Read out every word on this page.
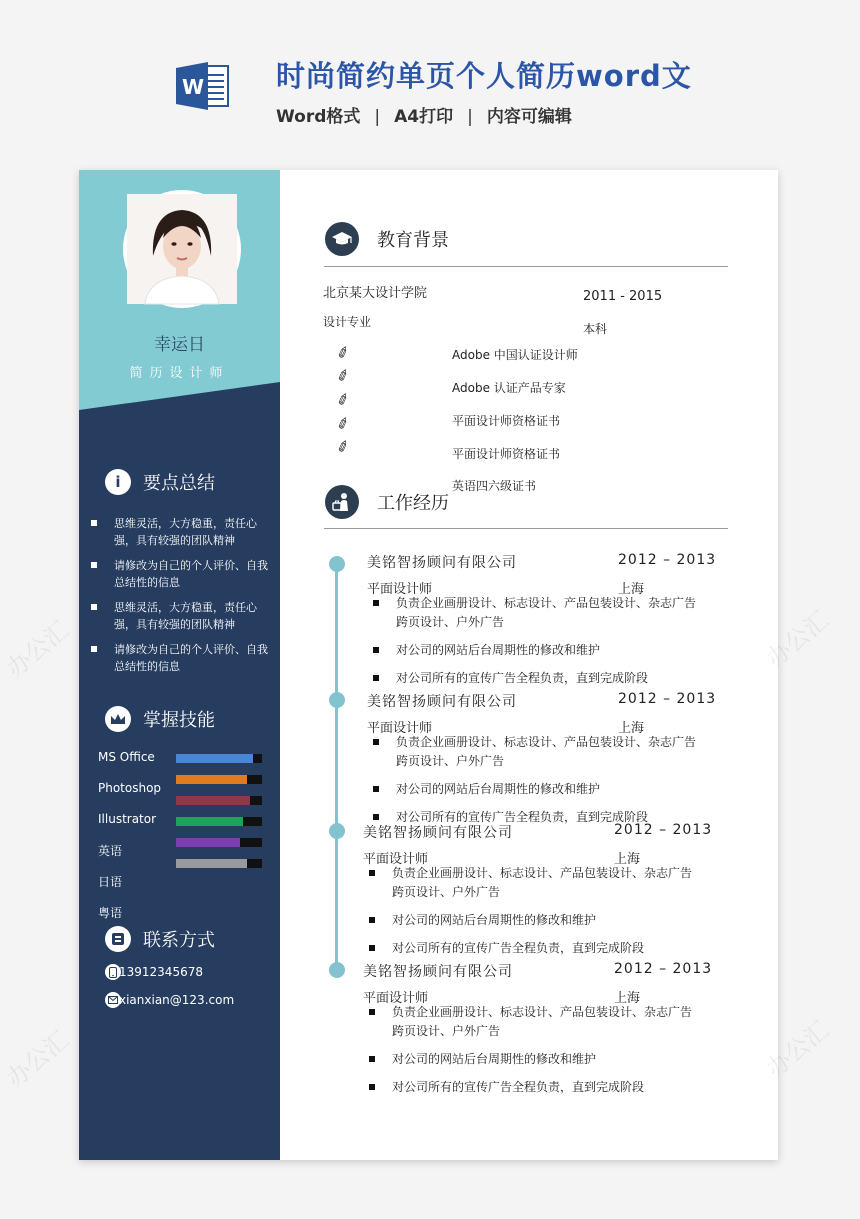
W 时尚简约单页个人简历word文
Word格式 | A4打印 | 内容可编辑
幸运日
简历设计师
i	要点总结
思维灵活，大方稳重，责任心强，具有较强的团队精神
请修改为自己的个人评价、自我总结性的信息
思维灵活，大方稳重，责任心强，具有较强的团队精神
请修改为自己的个人评价、自我总结性的信息
掌握技能
MS Office
Photoshop
Illustrator
英语
日语
粤语
联系方式
13912345678
xianxian@123.com
教育背景
北京某大设计学院	2011 - 2015
设计专业	本科
✐
✐
✐
✐
✐
Adobe 中国认证设计师
Adobe 认证产品专家
平面设计师资格证书
平面设计师资格证书
英语四六级证书
工作经历
美铭智扬顾问有限公司	2012 – 2013
平面设计师	上海
负责企业画册设计、标志设计、产品包装设计、杂志广告跨页设计、户外广告
对公司的网站后台周期性的修改和维护
对公司所有的宣传广告全程负责，直到完成阶段
美铭智扬顾问有限公司	2012 – 2013
平面设计师	上海
负责企业画册设计、标志设计、产品包装设计、杂志广告跨页设计、户外广告
对公司的网站后台周期性的修改和维护
对公司所有的宣传广告全程负责，直到完成阶段
美铭智扬顾问有限公司	2012 – 2013
平面设计师	上海
负责企业画册设计、标志设计、产品包装设计、杂志广告跨页设计、户外广告
对公司的网站后台周期性的修改和维护
对公司所有的宣传广告全程负责，直到完成阶段
美铭智扬顾问有限公司	2012 – 2013
平面设计师	上海
负责企业画册设计、标志设计、产品包装设计、杂志广告跨页设计、户外广告
对公司的网站后台周期性的修改和维护
对公司所有的宣传广告全程负责，直到完成阶段
办公汇	办公汇
办公汇	办公汇
